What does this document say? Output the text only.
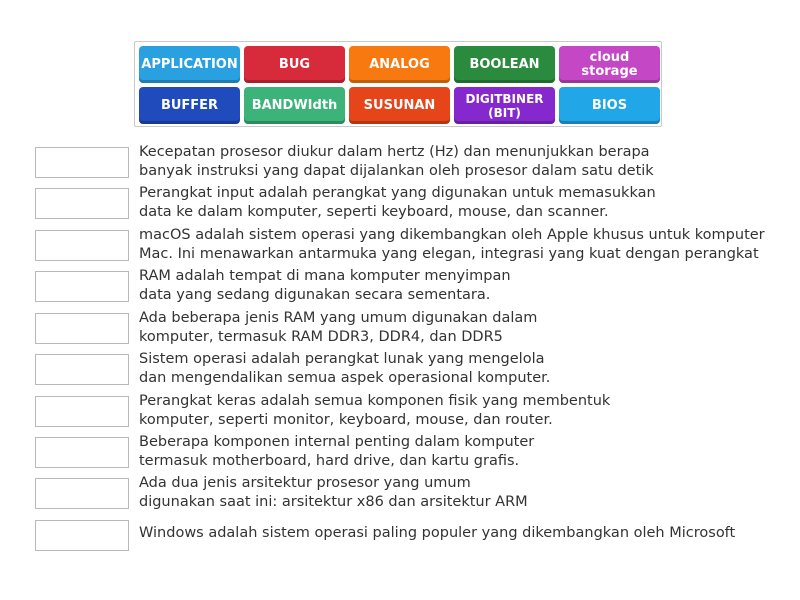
APPLICATION	BUG	ANALOG	BOOLEAN	cloud storage
BUFFER	BANDWIdth	SUSUNAN	DIGITBINER (BIT)	BIOS
Kecepatan prosesor diukur dalam hertz (Hz) dan menunjukkan berapa
banyak instruksi yang dapat dijalankan oleh prosesor dalam satu detik
Perangkat input adalah perangkat yang digunakan untuk memasukkan
data ke dalam komputer, seperti keyboard, mouse, dan scanner.
macOS adalah sistem operasi yang dikembangkan oleh Apple khusus untuk komputer
Mac. Ini menawarkan antarmuka yang elegan, integrasi yang kuat dengan perangkat
RAM adalah tempat di mana komputer menyimpan
data yang sedang digunakan secara sementara.
Ada beberapa jenis RAM yang umum digunakan dalam
komputer, termasuk RAM DDR3, DDR4, dan DDR5
Sistem operasi adalah perangkat lunak yang mengelola
dan mengendalikan semua aspek operasional komputer.
Perangkat keras adalah semua komponen fisik yang membentuk
komputer, seperti monitor, keyboard, mouse, dan router.
Beberapa komponen internal penting dalam komputer
termasuk motherboard, hard drive, dan kartu grafis.
Ada dua jenis arsitektur prosesor yang umum
digunakan saat ini: arsitektur x86 dan arsitektur ARM
Windows adalah sistem operasi paling populer yang dikembangkan oleh Microsoft
